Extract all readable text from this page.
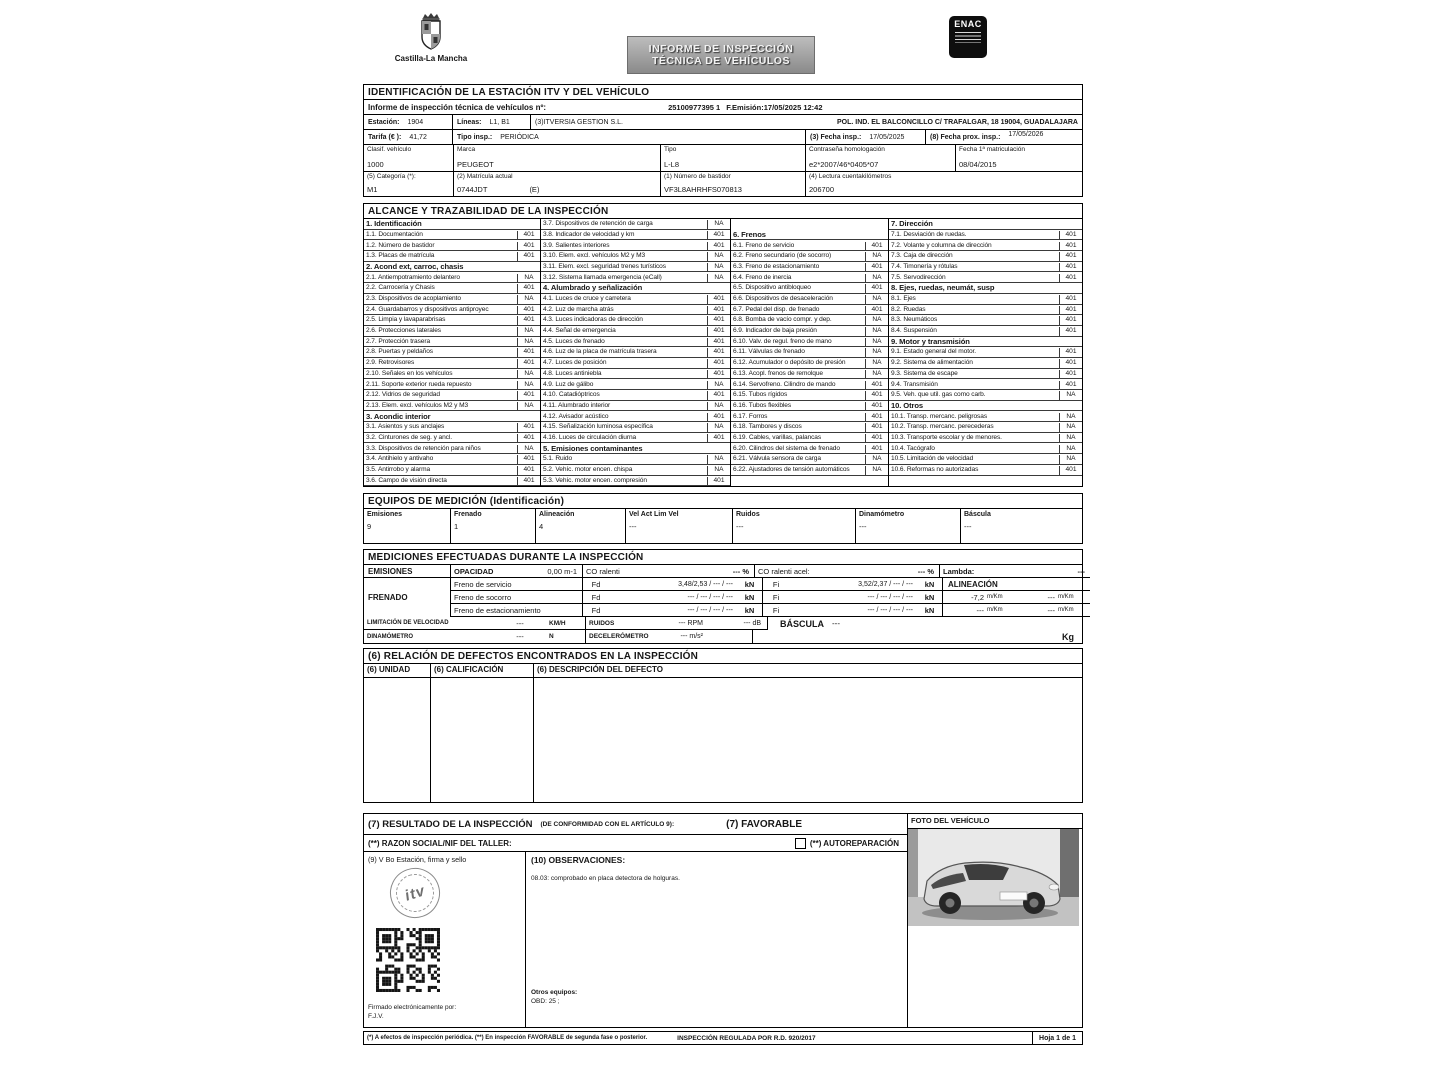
Castilla-La Mancha
INFORME DE INSPECCIÓN
TÉCNICA DE VEHÍCULOS
ENAC
IDENTIFICACIÓN DE LA ESTACIÓN ITV Y DEL VEHÍCULO
Informe de inspección técnica de vehículos nº:	25100977395 1 F.Emisión:17/05/2025 12:42
Estación: 1904	Líneas: L1, B1	(3)ITVERSIA GESTION S.L.	POL. IND. EL BALCONCILLO C/ TRAFALGAR, 18 19004, GUADALAJARA
Tarifa (€ ): 41,72	Tipo insp.: PERIÓDICA	(3) Fecha insp.: 17/05/2025	(8) Fecha prox. insp.: 17/05/2026
Clasif. vehículo
1000
Marca
PEUGEOT
Tipo
L-L8
Contraseña homologación
e2*2007/46*0405*07
Fecha 1ª matriculación
08/04/2015
(5) Categoría (*):
M1
(2) Matrícula actual
0744JDT	(E)
(1) Número de bastidor
VF3L8AHRHFS070813
(4) Lectura cuentakilómetros
206700
ALCANCE Y TRAZABILIDAD DE LA INSPECCIÓN
1. Identificación
1.1. Documentación	401
1.2. Número de bastidor	401
1.3. Placas de matrícula	401
2. Acond ext, carroc, chasis
2.1. Antiempotramiento delantero	NA
2.2. Carrocería y Chasis	401
2.3. Dispositivos de acoplamiento	NA
2.4. Guardabarros y dispositivos antiproyec	401
2.5. Limpia y lavaparabrisas	401
2.6. Protecciones laterales	NA
2.7. Protección trasera	NA
2.8. Puertas y peldaños	401
2.9. Retrovisores	401
2.10. Señales en los vehículos	NA
2.11. Soporte exterior rueda repuesto	NA
2.12. Vidrios de seguridad	401
2.13. Elem. excl. vehículos M2 y M3	NA
3. Acondic interior
3.1. Asientos y sus anclajes	401
3.2. Cinturones de seg. y ancl.	401
3.3. Dispositivos de retención para niños	NA
3.4. Antihielo y antivaho	401
3.5. Antirrobo y alarma	401
3.6. Campo de visión directa	401
3.7. Dispositivos de retención de carga	NA
3.8. Indicador de velocidad y km	401
3.9. Salientes interiores	401
3.10. Elem. excl. vehículos M2 y M3	NA
3.11. Elem. excl. seguridad trenes turísticos	NA
3.12. Sistema llamada emergencia (eCall)	NA
4. Alumbrado y señalización
4.1. Luces de cruce y carretera	401
4.2. Luz de marcha atrás	401
4.3. Luces indicadoras de dirección	401
4.4. Señal de emergencia	401
4.5. Luces de frenado	401
4.6. Luz de la placa de matrícula trasera	401
4.7. Luces de posición	401
4.8. Luces antiniebla	401
4.9. Luz de gálibo	NA
4.10. Catadióptricos	401
4.11. Alumbrado interior	NA
4.12. Avisador acústico	401
4.15. Señalización luminosa específica	NA
4.16. Luces de circulación diurna	401
5. Emisiones contaminantes
5.1. Ruido	NA
5.2. Vehíc. motor encen. chispa	NA
5.3. Vehíc. motor encen. compresión	401
6. Frenos
6.1. Freno de servicio	401
6.2. Freno secundario (de socorro)	NA
6.3. Freno de estacionamiento	401
6.4. Freno de inercia	NA
6.5. Dispositivo antibloqueo	401
6.6. Dispositivos de desaceleración	NA
6.7. Pedal del disp. de frenado	401
6.8. Bomba de vacío compr. y dep.	NA
6.9. Indicador de baja presión	NA
6.10. Valv. de regul. freno de mano	NA
6.11. Válvulas de frenado	NA
6.12. Acumulador o depósito de presión	NA
6.13. Acopl. frenos de remolque	NA
6.14. Servofreno. Cilindro de mando	401
6.15. Tubos rígidos	401
6.16. Tubos flexibles	401
6.17. Forros	401
6.18. Tambores y discos	401
6.19. Cables, varillas, palancas	401
6.20. Cilindros del sistema de frenado	401
6.21. Válvula sensora de carga	NA
6.22. Ajustadores de tensión automáticos	NA
7. Dirección
7.1. Desviación de ruedas.	401
7.2. Volante y columna de dirección	401
7.3. Caja de dirección	401
7.4. Timonería y rótulas	401
7.5. Servodirección	401
8. Ejes, ruedas, neumát, susp
8.1. Ejes	401
8.2. Ruedas	401
8.3. Neumáticos	401
8.4. Suspensión	401
9. Motor y transmisión
9.1. Estado general del motor.	401
9.2. Sistema de alimentación	401
9.3. Sistema de escape	401
9.4. Transmisión	401
9.5. Veh. que util. gas como carb.	NA
10. Otros
10.1. Transp. mercanc. peligrosas	NA
10.2. Transp. mercanc. perecederas	NA
10.3. Transporte escolar y de menores.	NA
10.4. Tacógrafo	NA
10.5. Limitación de velocidad	NA
10.6. Reformas no autorizadas	401
EQUIPOS DE MEDICIÓN (Identificación)
Emisiones
9
Frenado
1
Alineación
4
Vel Act Lim Vel
---
Ruidos
---
Dinamómetro
---
Báscula
---
MEDICIONES EFECTUADAS DURANTE LA INSPECCIÓN
EMISIONES
FRENADO
OPACIDAD	0,00 m-1 CO ralenti	--- % CO ralenti acel:	--- % Lambda:	---
Freno de servicio	Fd	3,48/2,53 / --- / ---	kN	Fi	3,52/2,37 / --- / ---	kN	ALINEACIÓN
Freno de socorro	Fd	--- / --- / --- / ---	kN	Fi	--- / --- / --- / ---	kN	-7,2 m/Km	--- m/Km
Freno de estacionamiento	Fd	--- / --- / --- / ---	kN	Fi	--- / --- / --- / ---	kN	--- m/Km	--- m/Km
LIMITACIÓN DE VELOCIDAD	---	KM/H	RUIDOS	--- RPM	--- dB	BÁSCULA ---
DINAMÓMETRO	---	N	DECELERÓMETRO	--- m/s²	Kg
(6) RELACIÓN DE DEFECTOS ENCONTRADOS EN LA INSPECCIÓN
(6) UNIDAD	(6) CALIFICACIÓN	(6) DESCRIPCIÓN DEL DEFECTO
(7) RESULTADO DE LA INSPECCIÓN (DE CONFORMIDAD CON EL ARTÍCULO 9):	(7) FAVORABLE
(**) RAZON SOCIAL/NIF DEL TALLER:	(**) AUTOREPARACIÓN
(9) V Bo Estación, firma y sello
itv
Firmado electrónicamente por:
F.J.V.
(10) OBSERVACIONES:
08.03: comprobado en placa detectora de holguras.
Otros equipos:
OBD: 25 ;
FOTO DEL VEHÍCULO
(*) A efectos de inspección periódica. (**) En inspección FAVORABLE de segunda fase o posterior.	INSPECCIÓN REGULADA POR R.D. 920/2017	Hoja 1 de 1
